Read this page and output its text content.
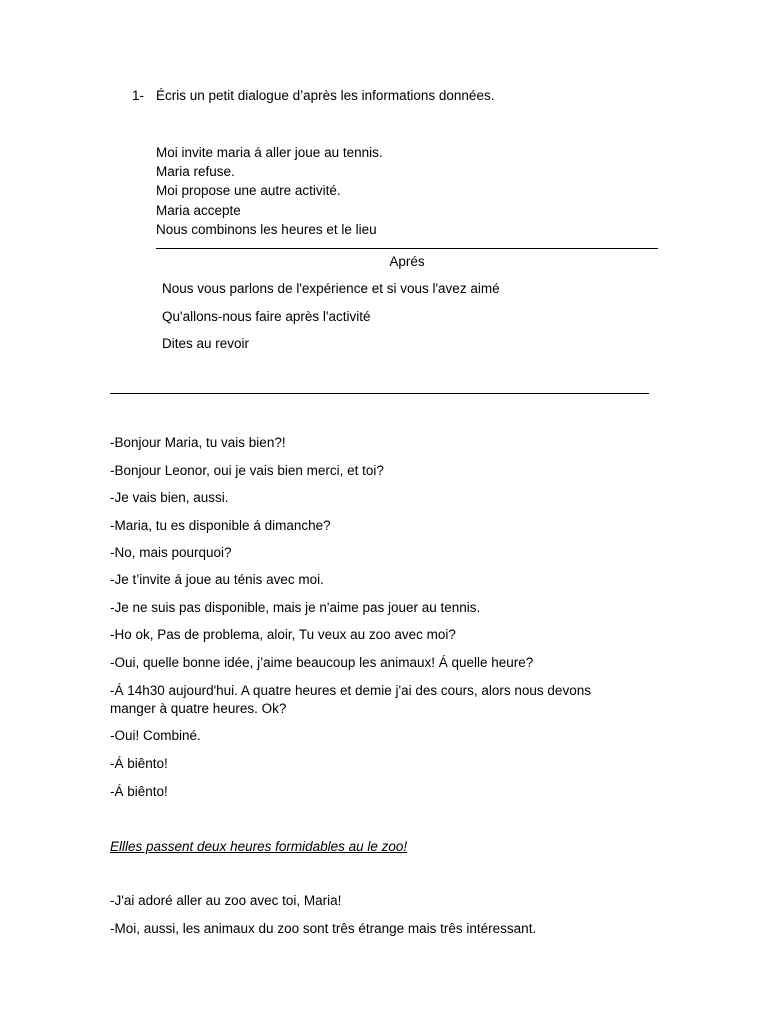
1- Écris un petit dialogue d’après les informations données.
Moi invite maria á aller joue au tennis.
Maria refuse.
Moi propose une autre activité.
Maria accepte
Nous combinons les heures et le lieu
Aprés
Nous vous parlons de l'expérience et si vous l'avez aimé
Qu'allons-nous faire après l'activité
Dites au revoir
-Bonjour Maria, tu vais bien?!
-Bonjour Leonor, oui je vais bien merci, et toi?
-Je vais bien, aussi.
-Maria, tu es disponible á dimanche?
-No, mais pourquoi?
-Je t’invite á joue au ténis avec moi.
-Je ne suis pas disponible, mais je n'aime pas jouer au tennis.
-Ho ok, Pas de problema, aloir, Tu veux au zoo avec moi?
-Oui, quelle bonne idée, j’aime beaucoup les animaux! Á quelle heure?
-Á 14h30 aujourd'hui. A quatre heures et demie j'ai des cours, alors nous devons
manger à quatre heures. Ok?
-Oui! Combiné.
-Á biênto!
-Á biênto!
Ellles passent deux heures formidables au le zoo!
-J'ai adoré aller au zoo avec toi, Maria!
-Moi, aussi, les animaux du zoo sont três étrange mais três intéressant.
